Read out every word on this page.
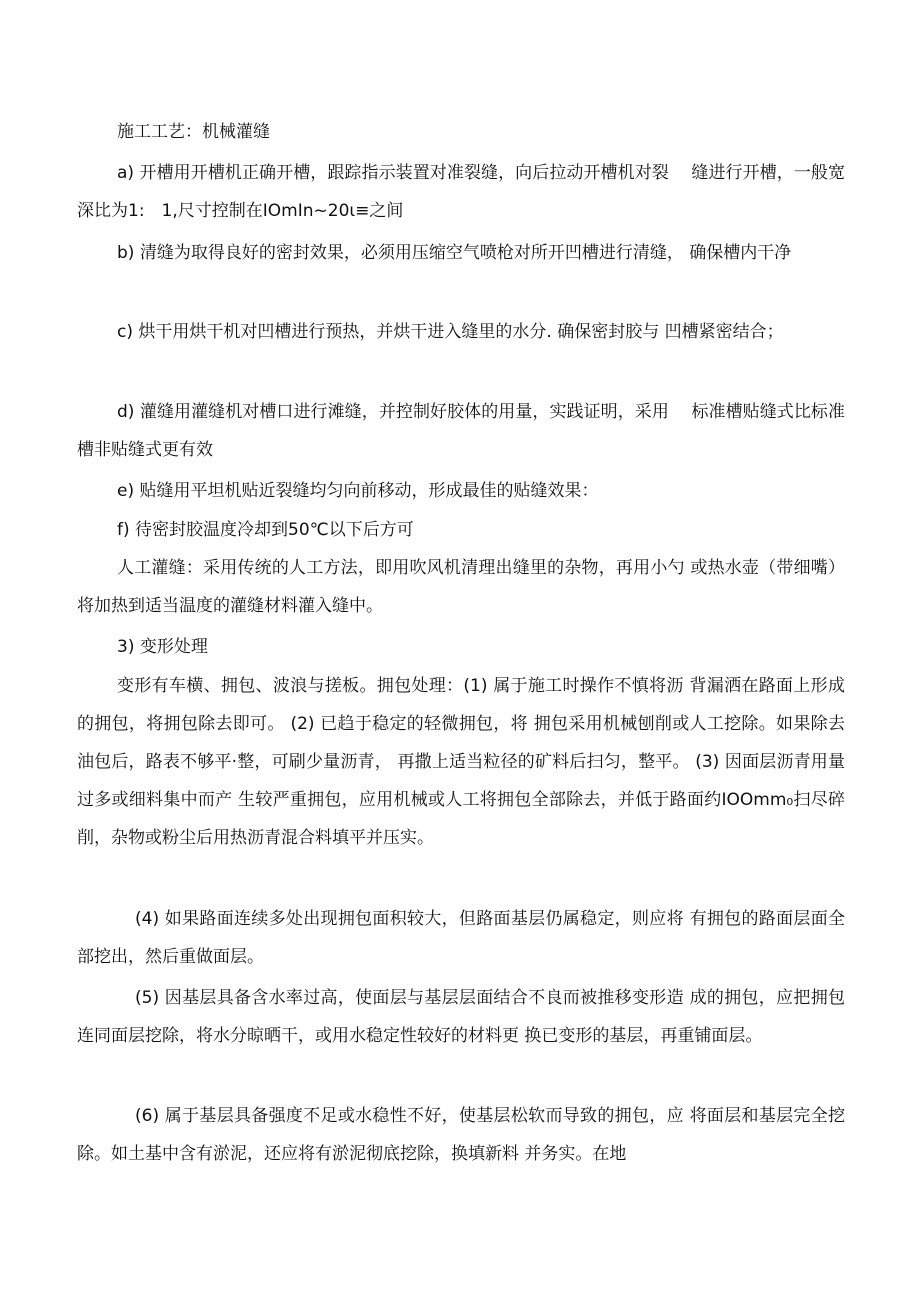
施工工艺：机械灌缝

a) 开槽用开槽机正确开槽，跟踪指示装置对准裂缝，向后拉动开槽机对裂　 缝进行开槽，一般宽深比为1:　1,尺寸控制在IOmIn~20ι≡之间

b) 清缝为取得良好的密封效果，必须用压缩空气喷枪对所开凹槽进行清缝， 确保槽内干净

c) 烘干用烘干机对凹槽进行预热，并烘干进入缝里的水分. 确保密封胶与 凹槽紧密结合；

d) 灌缝用灌缝机对槽口进行滩缝，并控制好胶体的用量，实践证明，采用　 标准槽贴缝式比标准槽非贴缝式更有效

e) 贴缝用平坦机贴近裂缝均匀向前移动，形成最佳的贴缝效果：

f) 待密封胶温度冷却到50℃以下后方可

人工灌缝：采用传统的人工方法，即用吹风机清理出缝里的杂物，再用小勺 或热水壶（带细嘴）将加热到适当温度的灌缝材料灌入缝中。

3) 变形处理

变形有车横、拥包、波浪与搓板。拥包处理：(1) 属于施工时操作不慎将沥 背漏洒在路面上形成的拥包，将拥包除去即可。 (2) 已趋于稳定的轻微拥包，将 拥包采用机械刨削或人工挖除。如果除去油包后，路表不够平·整，可刷少量沥青， 再撒上适当粒径的矿料后扫匀，整平。 (3) 因面层沥青用量过多或细料集中而产 生较严重拥包，应用机械或人工将拥包全部除去，并低于路面约IOOmm₀扫尽碎 削，杂物或粉尘后用热沥青混合料填平并压实。

(4) 如果路面连续多处出现拥包面积较大，但路面基层仍属稳定，则应将 有拥包的路面层面全部挖出，然后重做面层。

(5) 因基层具备含水率过高，使面层与基层层面结合不良而被推移变形造 成的拥包，应把拥包连同面层挖除，将水分晾晒干，或用水稳定性较好的材料更 换已变形的基层，再重铺面层。

(6) 属于基层具备强度不足或水稳性不好，使基层松软而导致的拥包，应 将面层和基层完全挖除。如土基中含有淤泥，还应将有淤泥彻底挖除，换填新料 并务实。在地
